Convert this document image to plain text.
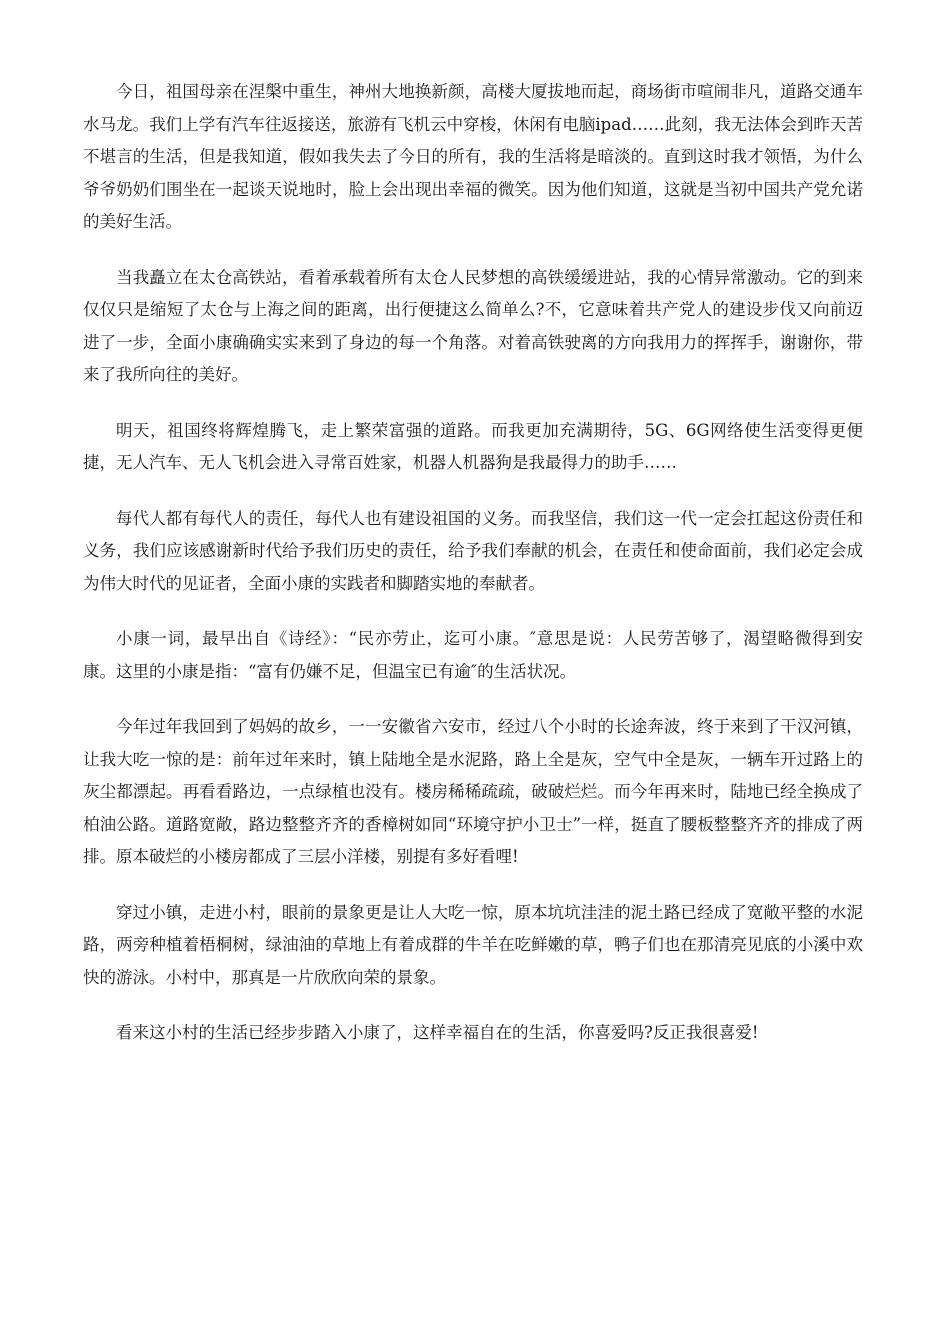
今日，祖国母亲在涅槃中重生，神州大地换新颜，高楼大厦拔地而起，商场街市喧闹非凡，道路交通车水马龙。我们上学有汽车往返接送，旅游有飞机云中穿梭，休闲有电脑ipad……此刻，我无法体会到昨天苦不堪言的生活，但是我知道，假如我失去了今日的所有，我的生活将是暗淡的。直到这时我才领悟，为什么爷爷奶奶们围坐在一起谈天说地时，脸上会出现出幸福的微笑。因为他们知道，这就是当初中国共产党允诺的美好生活。

当我矗立在太仓高铁站，看着承载着所有太仓人民梦想的高铁缓缓进站，我的心情异常激动。它的到来仅仅只是缩短了太仓与上海之间的距离，出行便捷这么简单么?不，它意味着共产党人的建设步伐又向前迈进了一步，全面小康确确实实来到了身边的每一个角落。对着高铁驶离的方向我用力的挥挥手，谢谢你，带来了我所向往的美好。

明天，祖国终将辉煌腾飞，走上繁荣富强的道路。而我更加充满期待，5G、6G网络使生活变得更便捷，无人汽车、无人飞机会进入寻常百姓家，机器人机器狗是我最得力的助手……

每代人都有每代人的责任，每代人也有建设祖国的义务。而我坚信，我们这一代一定会扛起这份责任和义务，我们应该感谢新时代给予我们历史的责任，给予我们奉献的机会，在责任和使命面前，我们必定会成为伟大时代的见证者，全面小康的实践者和脚踏实地的奉献者。

小康一词，最早出自《诗经》：“民亦劳止，迄可小康。″意思是说：人民劳苦够了，渴望略微得到安康。这里的小康是指：“富有仍嫌不足，但温宝已有逾″的生活状况。

今年过年我回到了妈妈的故乡，一一安徽省六安市，经过八个小时的长途奔波，终于来到了干汉河镇，让我大吃一惊的是：前年过年来时，镇上陆地全是水泥路，路上全是灰，空气中全是灰，一辆车开过路上的灰尘都漂起。再看看路边，一点绿植也没有。楼房稀稀疏疏，破破烂烂。而今年再来时，陆地已经全换成了柏油公路。道路宽敞，路边整整齐齐的香樟树如同“环境守护小卫士”一样，挺直了腰板整整齐齐的排成了两排。原本破烂的小楼房都成了三层小洋楼，别提有多好看哩!

穿过小镇，走进小村，眼前的景象更是让人大吃一惊，原本坑坑洼洼的泥土路已经成了宽敞平整的水泥路，两旁种植着梧桐树，绿油油的草地上有着成群的牛羊在吃鲜嫩的草，鸭子们也在那清亮见底的小溪中欢快的游泳。小村中，那真是一片欣欣向荣的景象。

看来这小村的生活已经步步踏入小康了，这样幸福自在的生活，你喜爱吗?反正我很喜爱!
